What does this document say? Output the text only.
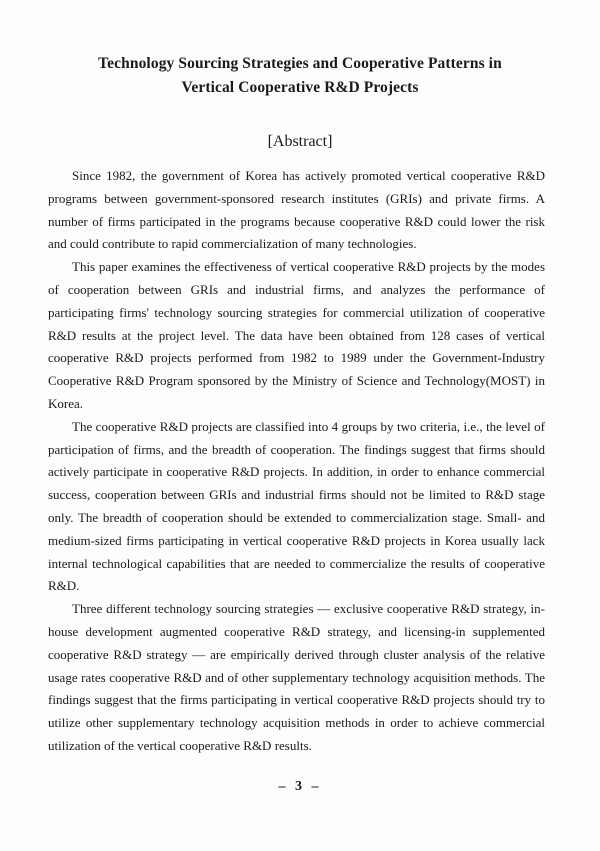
Technology Sourcing Strategies and Cooperative Patterns in
Vertical Cooperative R&D Projects
[Abstract]

Since 1982, the government of Korea has actively promoted vertical cooperative R&D programs between government-sponsored research institutes (GRIs) and private firms. A number of firms participated in the programs because cooperative R&D could lower the risk and could contribute to rapid commercialization of many technologies.

This paper examines the effectiveness of vertical cooperative R&D projects by the modes of cooperation between GRIs and industrial firms, and analyzes the performance of participating firms' technology sourcing strategies for commercial utilization of cooperative R&D results at the project level. The data have been obtained from 128 cases of vertical cooperative R&D projects performed from 1982 to 1989 under the Government-Industry Cooperative R&D Program sponsored by the Ministry of Science and Technology(MOST) in Korea.

The cooperative R&D projects are classified into 4 groups by two criteria, i.e., the level of participation of firms, and the breadth of cooperation. The findings suggest that firms should actively participate in cooperative R&D projects. In addition, in order to enhance commercial success, cooperation between GRIs and industrial firms should not be limited to R&D stage only. The breadth of cooperation should be extended to commercialization stage. Small- and medium-sized firms participating in vertical cooperative R&D projects in Korea usually lack internal technological capabilities that are needed to commercialize the results of cooperative R&D.

Three different technology sourcing strategies — exclusive cooperative R&D strategy, in-house development augmented cooperative R&D strategy, and licensing-in supplemented cooperative R&D strategy — are empirically derived through cluster analysis of the relative usage rates cooperative R&D and of other supplementary technology acquisition methods. The findings suggest that the firms participating in vertical cooperative R&D projects should try to utilize other supplementary technology acquisition methods in order to achieve commercial utilization of the vertical cooperative R&D results.

– 3 –
